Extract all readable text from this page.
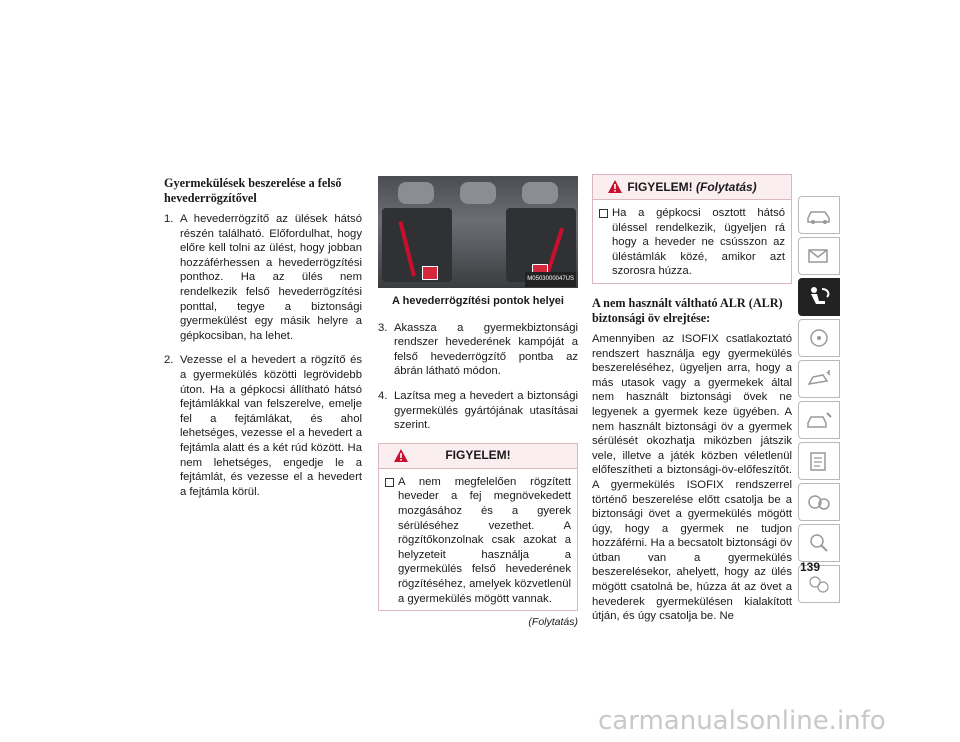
Gyermekülések beszerelése a felső hevederrögzítővel
1. A hevederrögzítő az ülések hátsó részén található. Előfordulhat, hogy előre kell tolni az ülést, hogy jobban hozzáférhessen a hevederrögzítési ponthoz. Ha az ülés nem rendelkezik felső hevederrögzítési ponttal, tegye a biztonsági gyermekülést egy másik helyre a gépkocsiban, ha lehet.
2. Vezesse el a hevedert a rögzítő és a gyermekülés közötti legrövidebb úton. Ha a gépkocsi állítható hátsó fejtámlákkal van felszerelve, emelje fel a fejtámlákat, és ahol lehetséges, vezesse el a hevedert a fejtámla alatt és a két rúd között. Ha nem lehetséges, engedje le a fejtámlát, és vezesse el a hevedert a fejtámla körül.
M0503000047US
A hevederrögzítési pontok helyei
3. Akassza a gyermekbiztonsági rendszer hevederének kampóját a felső hevederrögzítő pontba az ábrán látható módon.
4. Lazítsa meg a hevedert a biztonsági gyermekülés gyártójának utasításai szerint.
FIGYELEM!
A nem megfelelően rögzített heveder a fej megnövekedett mozgásához és a gyerek sérüléséhez vezethet. A rögzítőkonzolnak csak azokat a helyzeteit használja a gyermekülés felső hevederének rögzítéséhez, amelyek közvetlenül a gyermekülés mögött vannak.
(Folytatás)
FIGYELEM!
(Folytatás)
Ha a gépkocsi osztott hátsó üléssel rendelkezik, ügyeljen rá hogy a heveder ne csússzon az üléstámlák közé, amikor azt szorosra húzza.
A nem használt váltható ALR (ALR) biztonsági öv elrejtése:

Amennyiben az ISOFIX csatlakoztató rendszert használja egy gyermekülés beszereléséhez, ügyeljen arra, hogy a más utasok vagy a gyermekek által nem használt biztonsági övek ne legyenek a gyermek keze ügyében. A nem használt biztonsági öv a gyermek sérülését okozhatja miközben játszik vele, illetve a játék közben véletlenül előfeszítheti a biztonsági-öv-előfeszítőt. A gyermekülés ISOFIX rendszerrel történő beszerelése előtt csatolja be a biztonsági övet a gyermekülés mögött úgy, hogy a gyermek ne tudjon hozzáférni. Ha a becsatolt biztonsági öv útban van a gyermekülés beszerelésekor, ahelyett, hogy az ülés mögött csatolná be, húzza át az övet a hevederek gyermekülésen kialakított útján, és úgy csatolja be. Ne

139
carmanualsonline.info
